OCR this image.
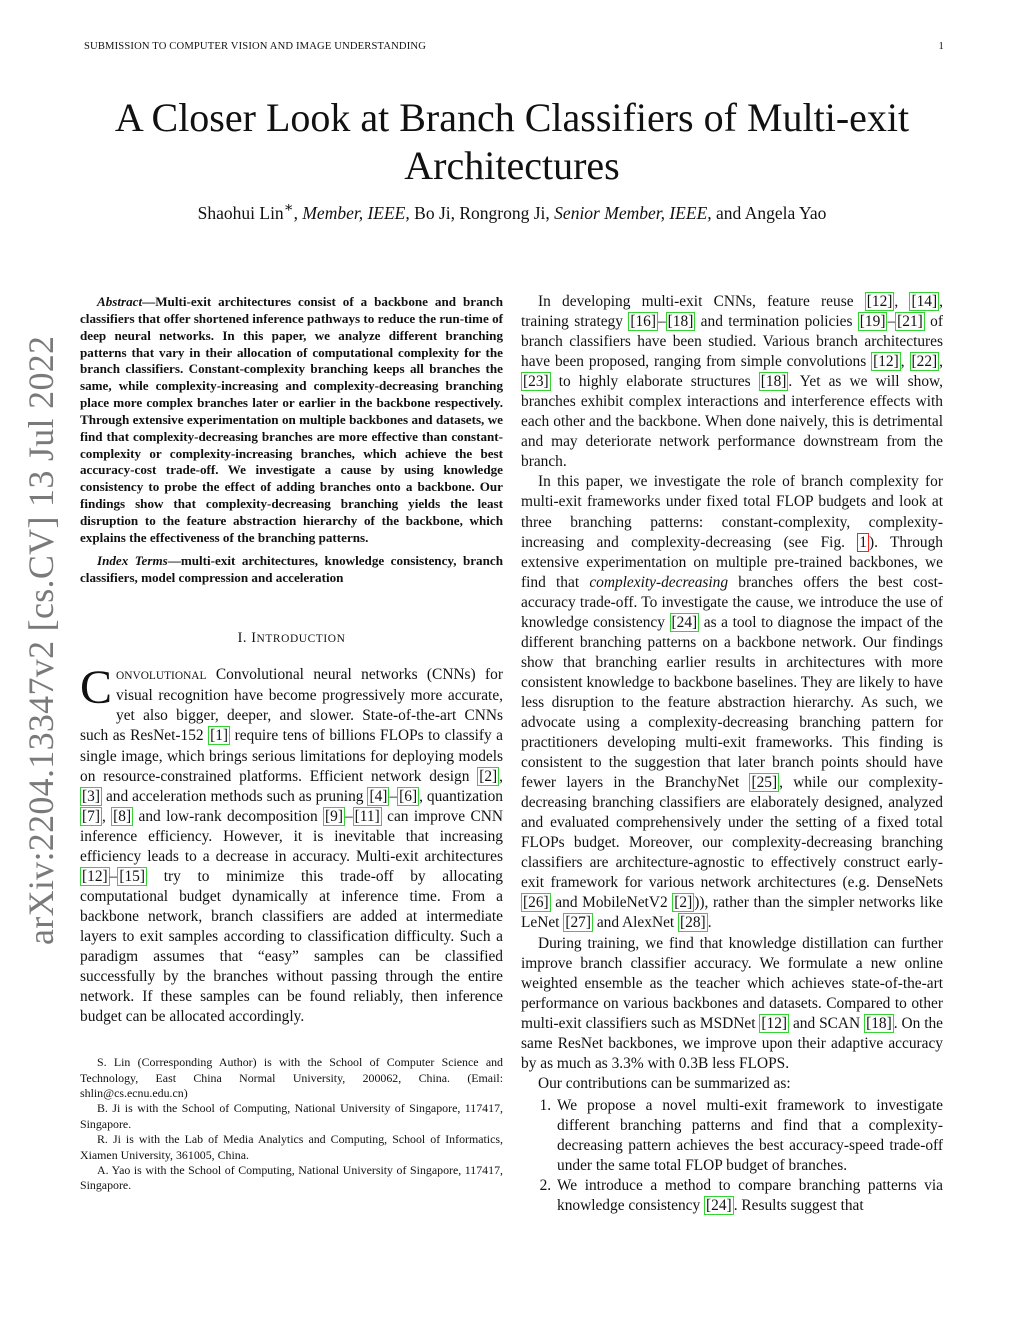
SUBMISSION TO COMPUTER VISION AND IMAGE UNDERSTANDING	1
A Closer Look at Branch Classifiers of Multi-exit Architectures
Shaohui Lin∗, Member, IEEE, Bo Ji, Rongrong Ji, Senior Member, IEEE, and Angela Yao
arXiv:2204.13347v2 [cs.CV] 13 Jul 2022

Abstract—Multi-exit architectures consist of a backbone and branch classifiers that offer shortened inference pathways to reduce the run-time of deep neural networks. In this paper, we analyze different branching patterns that vary in their allocation of computational complexity for the branch classifiers. Constant-complexity branching keeps all branches the same, while complexity-increasing and complexity-decreasing branching place more complex branches later or earlier in the backbone respectively. Through extensive experimentation on multiple backbones and datasets, we find that complexity-decreasing branches are more effective than constant-complexity or complexity-increasing branches, which achieve the best accuracy-cost trade-off. We investigate a cause by using knowledge consistency to probe the effect of adding branches onto a backbone. Our findings show that complexity-decreasing branching yields the least disruption to the feature abstraction hierarchy of the backbone, which explains the effectiveness of the branching patterns.

Index Terms—multi-exit architectures, knowledge consistency, branch classifiers, model compression and acceleration

I. INTRODUCTION

CONVOLUTIONAL Convolutional neural networks (CNNs) for visual recognition have become progressively more accurate, yet also bigger, deeper, and slower. State-of-the-art CNNs such as ResNet-152 [1] require tens of billions FLOPs to classify a single image, which brings serious limitations for deploying models on resource-constrained platforms. Efficient network design [2] , [3] and acceleration methods such as pruning [4] – [6] , quantization [7] , [8] and low-rank decomposition [9] – [11] can improve CNN inference efficiency. However, it is inevitable that increasing efficiency leads to a decrease in accuracy. Multi-exit architectures [12] – [15] try to minimize this trade-off by allocating computational budget dynamically at inference time. From a backbone network, branch classifiers are added at intermediate layers to exit samples according to classification difficulty. Such a paradigm assumes that “easy” samples can be classified successfully by the branches without passing through the entire network. If these samples can be found reliably, then inference budget can be allocated accordingly.

S. Lin (Corresponding Author) is with the School of Computer Science and Technology, East China Normal University, 200062, China. (Email: shlin@cs.ecnu.edu.cn)

B. Ji is with the School of Computing, National University of Singapore, 117417, Singapore.

R. Ji is with the Lab of Media Analytics and Computing, School of Informatics, Xiamen University, 361005, China.

A. Yao is with the School of Computing, National University of Singapore, 117417, Singapore.

In developing multi-exit CNNs, feature reuse [12] , [14] , training strategy [16] – [18] and termination policies [19] – [21] of branch classifiers have been studied. Various branch architectures have been proposed, ranging from simple convolutions [12] , [22] , [23] to highly elaborate structures [18] . Yet as we will show, branches exhibit complex interactions and interference effects with each other and the backbone. When done naively, this is detrimental and may deteriorate network performance downstream from the branch.

In this paper, we investigate the role of branch complexity for multi-exit frameworks under fixed total FLOP budgets and look at three branching patterns: constant-complexity, complexity-increasing and complexity-decreasing (see Fig. 1 ). Through extensive experimentation on multiple pre-trained backbones, we find that complexity-decreasing branches offers the best cost-accuracy trade-off. To investigate the cause, we introduce the use of knowledge consistency [24] as a tool to diagnose the impact of the different branching patterns on a backbone network. Our findings show that branching earlier results in architectures with more consistent knowledge to backbone baselines. They are likely to have less disruption to the feature abstraction hierarchy. As such, we advocate using a complexity-decreasing branching pattern for practitioners developing multi-exit frameworks. This finding is consistent to the suggestion that later branch points should have fewer layers in the BranchyNet [25] , while our complexity-decreasing branching classifiers are elaborately designed, analyzed and evaluated comprehensively under the setting of a fixed total FLOPs budget. Moreover, our complexity-decreasing branching classifiers are architecture-agnostic to effectively construct early-exit framework for various network architectures (e.g. DenseNets [26] and MobileNetV2 [2] )), rather than the simpler networks like LeNet [27] and AlexNet [28] .

During training, we find that knowledge distillation can further improve branch classifier accuracy. We formulate a new online weighted ensemble as the teacher which achieves state-of-the-art performance on various backbones and datasets. Compared to other multi-exit classifiers such as MSDNet [12] and SCAN [18] . On the same ResNet backbones, we improve upon their adaptive accuracy by as much as 3.3% with 0.3B less FLOPS.

Our contributions can be summarized as:

1. We propose a novel multi-exit framework to investigate different branching patterns and find that a complexity-decreasing pattern achieves the best accuracy-speed trade-off under the same total FLOP budget of branches.
2. We introduce a method to compare branching patterns via knowledge consistency [24] . Results suggest that
